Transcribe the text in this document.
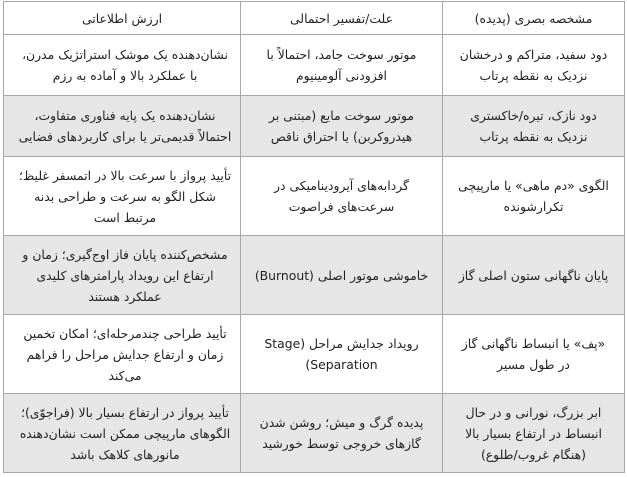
مشخصه بصری (پدیده)	علت/تفسیر احتمالی	ارزش اطلاعاتی
دود سفید، متراکم و درخشان نزدیک به نقطه پرتاب	موتور سوخت جامد، احتمالاً با افزودنی آلومینیوم	نشان‌دهنده یک موشک استراتژیک مدرن، با عملکرد بالا و آماده به رزم
دود نازک، تیره/خاکستری نزدیک به نقطه پرتاب	موتور سوخت مایع (مبتنی بر هیدروکربن) یا احتراق ناقص	نشان‌دهنده یک پایه فناوری متفاوت، احتمالاً قدیمی‌تر یا برای کاربردهای فضایی
الگوی «دم ماهی» یا مارپیچی تکرارشونده	گردابه‌های آیرودینامیکی در سرعت‌های فراصوت	تأیید پرواز با سرعت بالا در اتمسفر غلیظ؛ شکل الگو به سرعت و طراحی بدنه مرتبط است
پایان ناگهانی ستون اصلی گاز	خاموشی موتور اصلی (Burnout)	مشخص‌کننده پایان فاز اوج‌گیری؛ زمان و ارتفاع این رویداد پارامترهای کلیدی عملکرد هستند
«پف» یا انبساط ناگهانی گاز در طول مسیر	رویداد جدایش مراحل (Stage Separation)	تأیید طراحی چندمرحله‌ای؛ امکان تخمین زمان و ارتفاع جدایش مراحل را فراهم می‌کند
ابر بزرگ، نورانی و در حال انبساط در ارتفاع بسیار بالا (هنگام غروب/طلوع)	پدیده گرگ و میش؛ روشن شدن گازهای خروجی توسط خورشید	تأیید پرواز در ارتفاع بسیار بالا (فراجوّی)؛ الگوهای مارپیچی ممکن است نشان‌دهنده مانورهای کلاهک باشد
